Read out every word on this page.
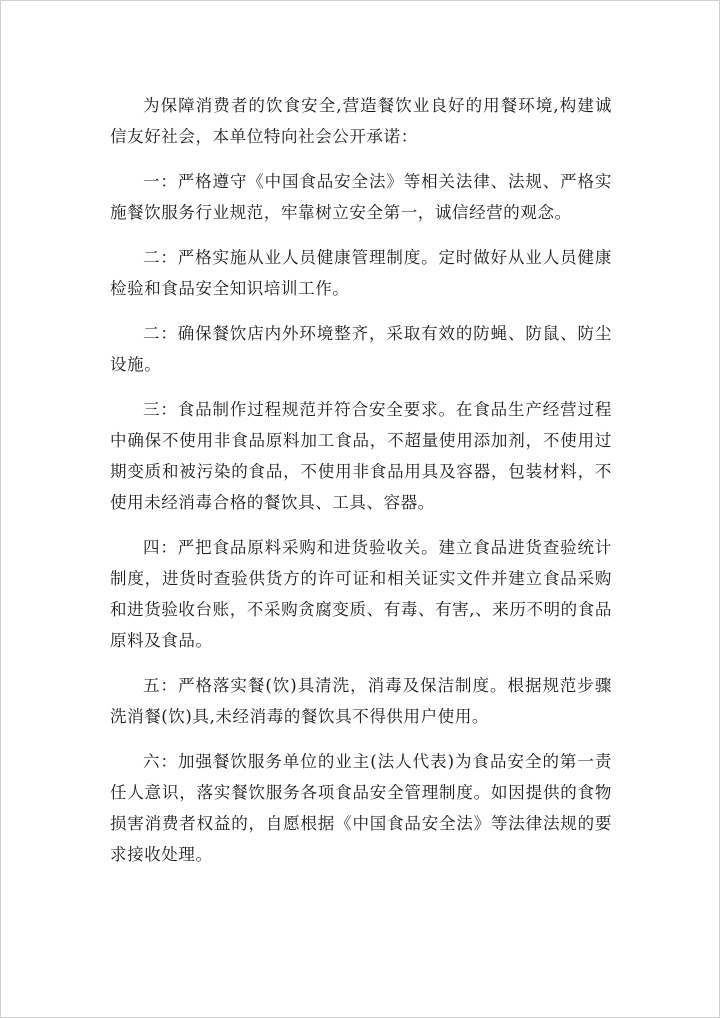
为保障消费者的饮食安全,营造餐饮业良好的用餐环境,构建诚信友好社会，本单位特向社会公开承诺：

一：严格遵守《中国食品安全法》等相关法律、法规、严格实施餐饮服务行业规范，牢靠树立安全第一，诚信经营的观念。

二：严格实施从业人员健康管理制度。定时做好从业人员健康检验和食品安全知识培训工作。

二：确保餐饮店内外环境整齐，采取有效的防蝇、防鼠、防尘设施。

三：食品制作过程规范并符合安全要求。在食品生产经营过程中确保不使用非食品原料加工食品，不超量使用添加剂，不使用过期变质和被污染的食品，不使用非食品用具及容器，包装材料，不使用未经消毒合格的餐饮具、工具、容器。

四：严把食品原料采购和进货验收关。建立食品进货查验统计制度，进货时查验供货方的许可证和相关证实文件并建立食品采购和进货验收台账，不采购贪腐变质、有毒、有害,、来历不明的食品原料及食品。

五：严格落实餐(饮)具清洗，消毒及保洁制度。根据规范步骤洗消餐(饮)具,未经消毒的餐饮具不得供用户使用。

六：加强餐饮服务单位的业主(法人代表)为食品安全的第一责任人意识，落实餐饮服务各项食品安全管理制度。如因提供的食物损害消费者权益的，自愿根据《中国食品安全法》等法律法规的要求接收处理。
